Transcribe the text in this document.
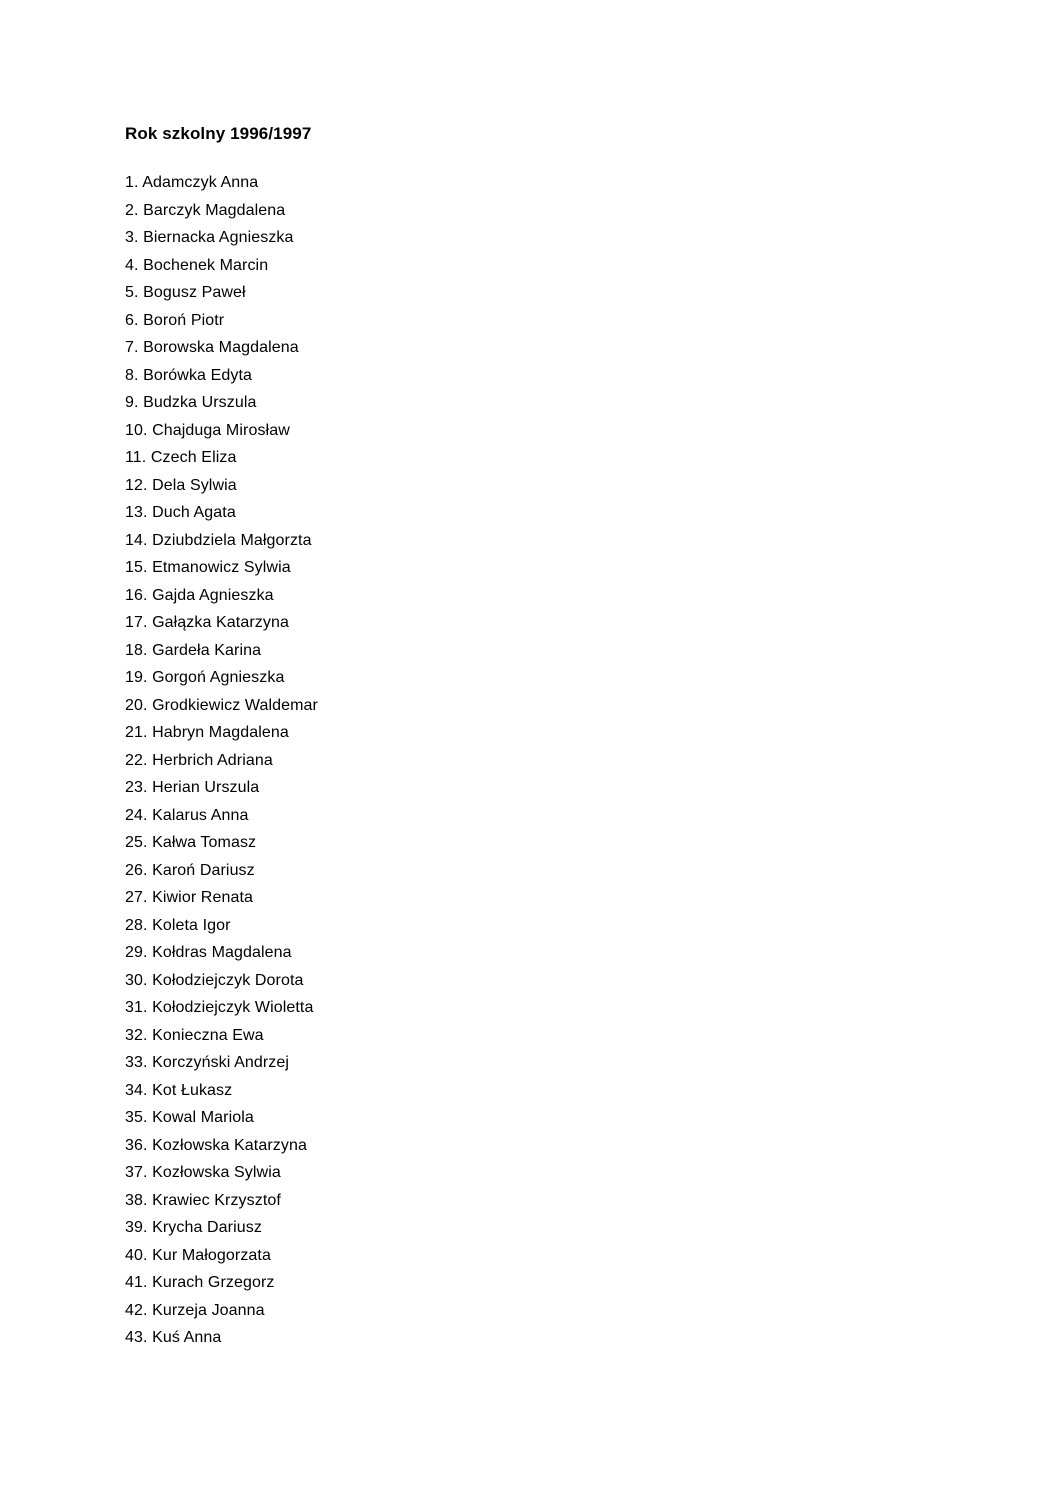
Rok szkolny 1996/1997
1. Adamczyk Anna
2. Barczyk Magdalena
3. Biernacka Agnieszka
4. Bochenek Marcin
5. Bogusz Paweł
6. Boroń Piotr
7. Borowska Magdalena
8. Borówka Edyta
9. Budzka Urszula
10. Chajduga Mirosław
11. Czech Eliza
12. Dela Sylwia
13. Duch Agata
14. Dziubdziela Małgorzta
15. Etmanowicz Sylwia
16. Gajda Agnieszka
17. Gałązka Katarzyna
18. Gardeła Karina
19. Gorgoń Agnieszka
20. Grodkiewicz Waldemar
21. Habryn Magdalena
22. Herbrich Adriana
23. Herian Urszula
24. Kalarus Anna
25. Kałwa Tomasz
26. Karoń Dariusz
27. Kiwior Renata
28. Koleta Igor
29. Kołdras Magdalena
30. Kołodziejczyk Dorota
31. Kołodziejczyk Wioletta
32. Konieczna Ewa
33. Korczyński Andrzej
34. Kot Łukasz
35. Kowal Mariola
36. Kozłowska Katarzyna
37. Kozłowska Sylwia
38. Krawiec Krzysztof
39. Krycha Dariusz
40. Kur Małogorzata
41. Kurach Grzegorz
42. Kurzeja Joanna
43. Kuś Anna
